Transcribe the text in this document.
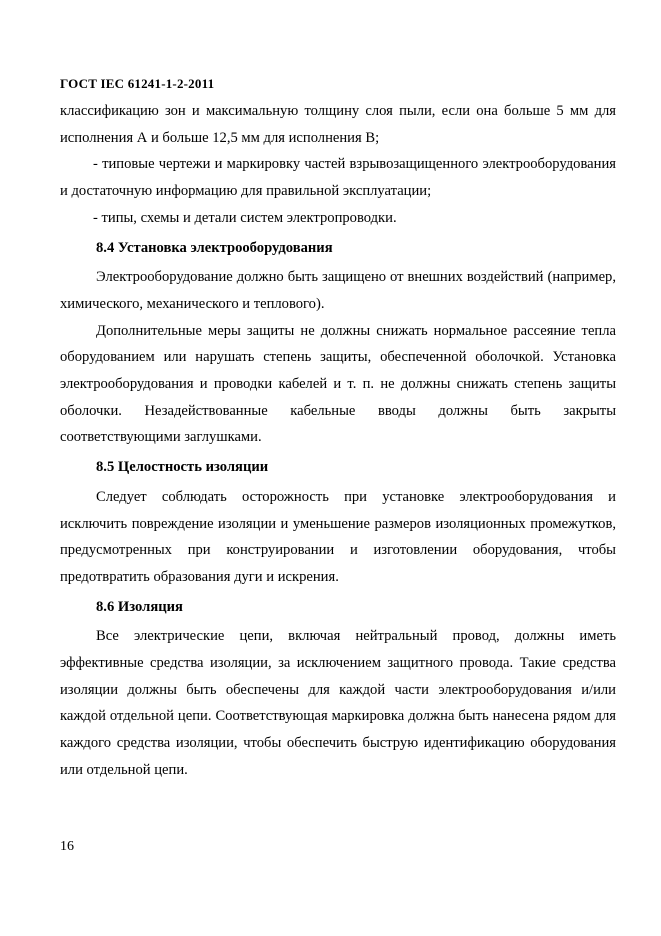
ГОСТ IEC 61241-1-2-2011

классификацию зон и максимальную толщину слоя пыли, если она больше 5 мм для исполнения А и больше 12,5 мм для исполнения В;

- типовые чертежи и маркировку частей взрывозащищенного электрооборудования и достаточную информацию для правильной эксплуатации;

- типы, схемы и детали систем электропроводки.

8.4 Установка электрооборудования

Электрооборудование должно быть защищено от внешних воздействий (например, химического, механического и теплового).

Дополнительные меры защиты не должны снижать нормальное рассеяние тепла оборудованием или нарушать степень защиты, обеспеченной оболочкой. Установка электрооборудования и проводки кабелей и т. п. не должны снижать степень защиты оболочки. Незадействованные кабельные вводы должны быть закрыты соответствующими заглушками.

8.5 Целостность изоляции

Следует соблюдать осторожность при установке электрооборудования и исключить повреждение изоляции и уменьшение размеров изоляционных промежутков, предусмотренных при конструировании и изготовлении оборудования, чтобы предотвратить образования дуги и искрения.

8.6 Изоляция

Все электрические цепи, включая нейтральный провод, должны иметь эффективные средства изоляции, за исключением защитного провода. Такие средства изоляции должны быть обеспечены для каждой части электрооборудования и/или каждой отдельной цепи. Соответствующая маркировка должна быть нанесена рядом для каждого средства изоляции, чтобы обеспечить быструю идентификацию оборудования или отдельной цепи.

16
